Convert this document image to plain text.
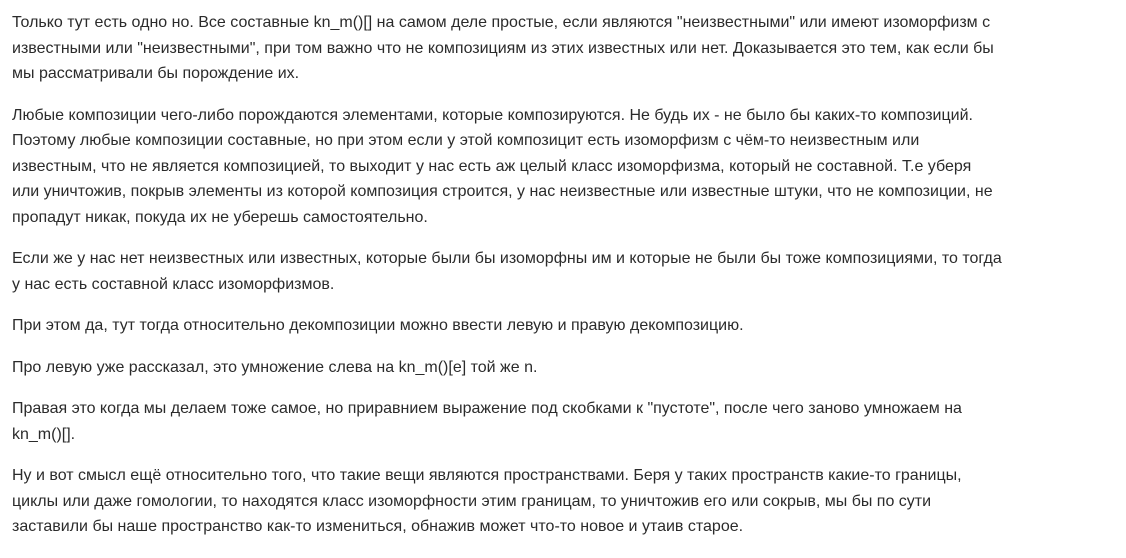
Только тут есть одно но. Все составные kn_m()[] на самом деле простые, если являются "неизвестными" или имеют изоморфизм с известными или "неизвестными", при том важно что не композициям из этих известных или нет. Доказывается это тем, как если бы мы рассматривали бы порождение их.

Любые композиции чего-либо порождаются элементами, которые композируются. Не будь их - не было бы каких-то композиций. Поэтому любые композиции составные, но при этом если у этой композицит есть изоморфизм с чём-то неизвестным или известным, что не является композицией, то выходит у нас есть аж целый класс изоморфизма, который не составной. Т.е уберя или уничтожив, покрыв элементы из которой композиция строится, у нас неизвестные или известные штуки, что не композиции, не пропадут никак, покуда их не уберешь самостоятельно.

Если же у нас нет неизвестных или известных, которые были бы изоморфны им и которые не были бы тоже композициями, то тогда у нас есть составной класс изоморфизмов.

При этом да, тут тогда относительно декомпозиции можно ввести левую и правую декомпозицию.

Про левую уже рассказал, это умножение слева на kn_m()[e] той же n.

Правая это когда мы делаем тоже самое, но приравнием выражение под скобками к "пустоте", после чего заново умножаем на kn_m()[].

Ну и вот смысл ещё относительно того, что такие вещи являются пространствами. Беря у таких пространств какие-то границы, циклы или даже гомологии, то находятся класс изоморфности этим границам, то уничтожив его или сокрыв, мы бы по сути заставили бы наше пространство как-то измениться, обнажив может что-то новое и утаив старое.
